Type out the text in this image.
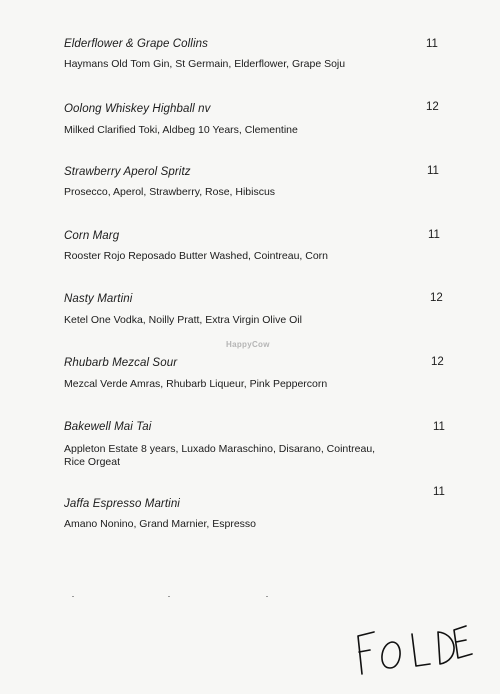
Elderflower & Grape Collins	11
Haymans Old Tom Gin, St Germain, Elderflower, Grape Soju
Oolong Whiskey Highball nv	12
Milked Clarified Toki, Aldbeg 10 Years, Clementine
Strawberry Aperol Spritz	11
Prosecco, Aperol, Strawberry, Rose, Hibiscus
Corn Marg	11
Rooster Rojo Reposado Butter Washed, Cointreau, Corn
Nasty Martini	12
Ketel One Vodka, Noilly Pratt, Extra Virgin Olive Oil
Rhubarb Mezcal Sour	12
Mezcal Verde Amras, Rhubarb Liqueur, Pink Peppercorn
Bakewell Mai Tai	11
Appleton Estate 8 years, Luxado Maraschino, Disarano, Cointreau, Rice Orgeat
Jaffa Espresso Martini
11
Amano Nonino, Grand Marnier, Espresso
HappyCow
